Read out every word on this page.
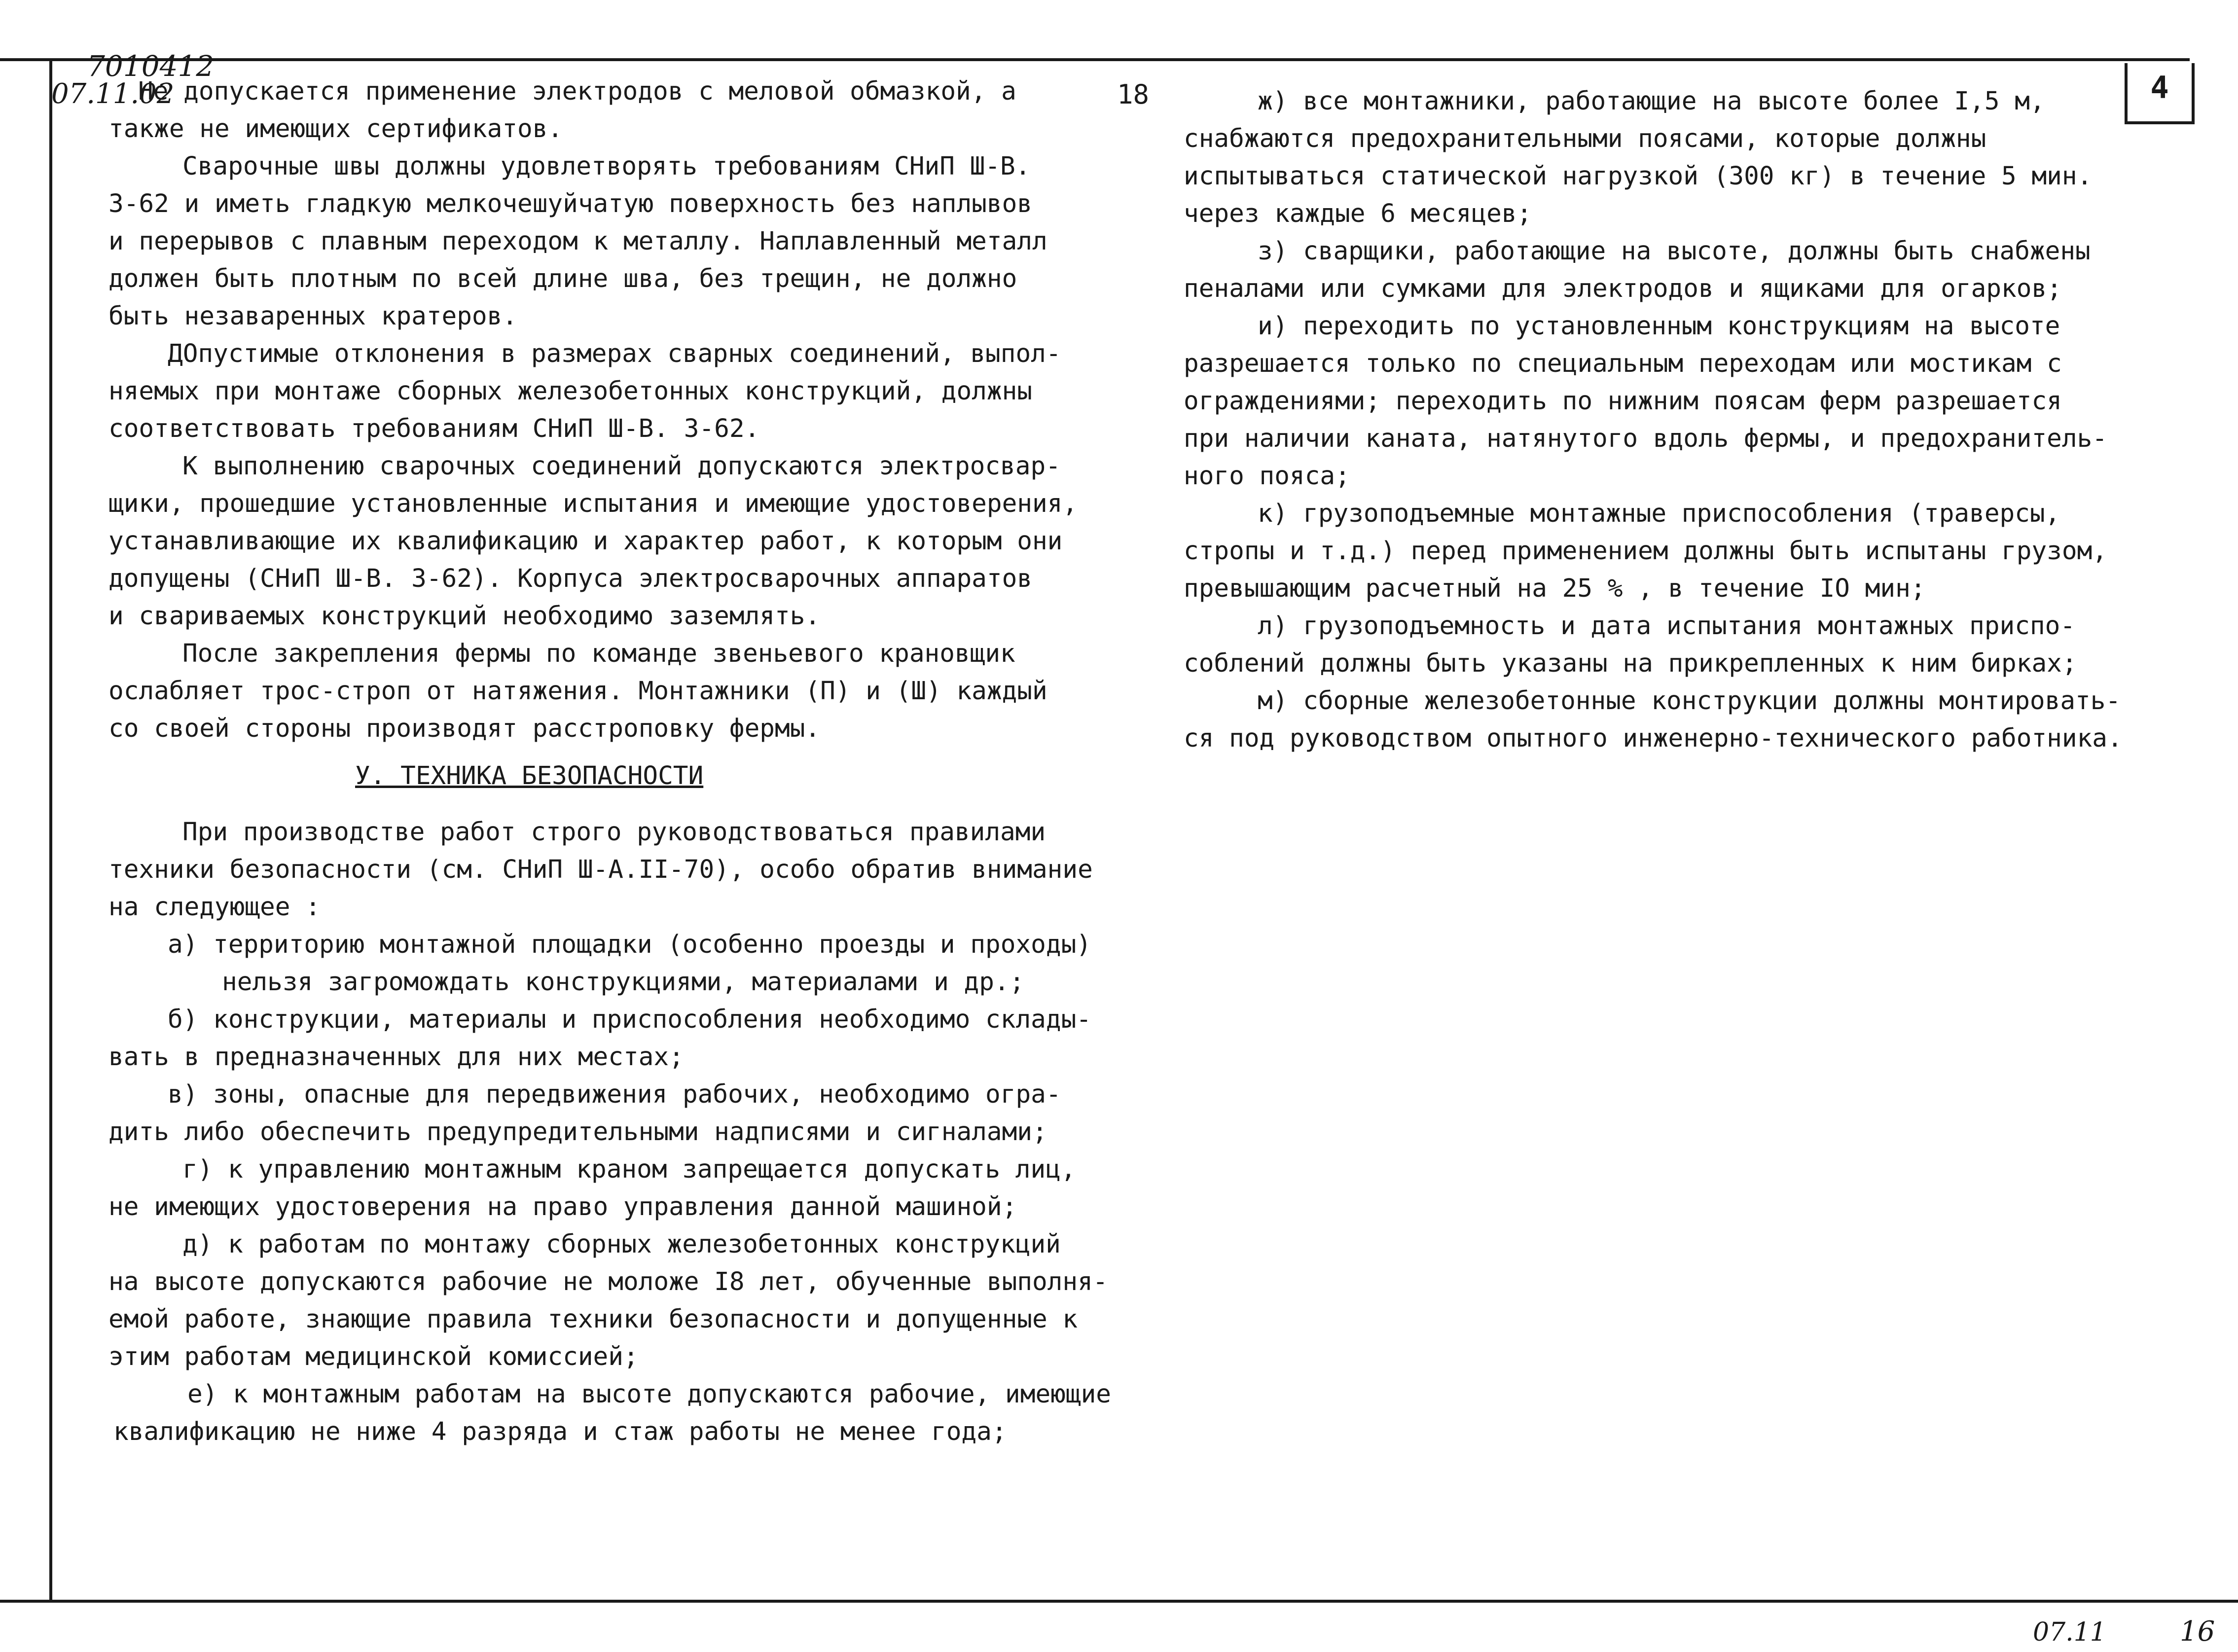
7010412
07.11.02	4
18

Не допускается применение электродов с меловой обмазкой, а

также не имеющих сертификатов.

Сварочные швы должны удовлетворять требованиям СНиП Ш-В.

3-62 и иметь гладкую мелкочешуйчатую поверхность без наплывов

и перерывов с плавным переходом к металлу. Наплавленный металл

должен быть плотным по всей длине шва, без трещин, не должно

быть незаваренных кратеров.

ДОпустимые отклонения в размерах сварных соединений, выпол-

няемых при монтаже сборных железобетонных конструкций, должны

соответствовать требованиям СНиП Ш-В. 3-62.

К выполнению сварочных соединений допускаются электросвар-

щики, прошедшие установленные испытания и имеющие удостоверения,

устанавливающие их квалификацию и характер работ, к которым они

допущены (СНиП Ш-В. 3-62). Корпуса электросварочных аппаратов

и свариваемых конструкций необходимо заземлять.

После закрепления фермы по команде звеньевого крановщик

ослабляет трос-строп от натяжения. Монтажники (П) и (Ш) каждый

со своей стороны производят расстроповку фермы.

У. ТЕХНИКА БЕЗОПАСНОСТИ

При производстве работ строго руководствоваться правилами

техники безопасности (см. СНиП Ш-А.II-70), особо обратив внимание

на следующее :

а) территорию монтажной площадки (особенно проезды и проходы)

нельзя загромождать конструкциями, материалами и др.;

б) конструкции, материалы и приспособления необходимо склады-

вать в предназначенных для них местах;

в) зоны, опасные для передвижения рабочих, необходимо огра-

дить либо обеспечить предупредительными надписями и сигналами;

г) к управлению монтажным краном запрещается допускать лиц,

не имеющих удостоверения на право управления данной машиной;

д) к работам по монтажу сборных железобетонных конструкций

на высоте допускаются рабочие не моложе I8 лет, обученные выполня-

емой работе, знающие правила техники безопасности и допущенные к

этим работам медицинской комиссией;

е) к монтажным работам на высоте допускаются рабочие, имеющие

квалификацию не ниже 4 разряда и стаж работы не менее года;

ж) все монтажники, работающие на высоте более I,5 м,

снабжаются предохранительными поясами, которые должны

испытываться статической нагрузкой (300 кг) в течение 5 мин.

через каждые 6 месяцев;

з) сварщики, работающие на высоте, должны быть снабжены

пеналами или сумками для электродов и ящиками для огарков;

и) переходить по установленным конструкциям на высоте

разрешается только по специальным переходам или мостикам с

ограждениями; переходить по нижним поясам ферм разрешается

при наличии каната, натянутого вдоль фермы, и предохранитель-

ного пояса;

к) грузоподъемные монтажные приспособления (траверсы,

стропы и т.д.) перед применением должны быть испытаны грузом,

превышающим расчетный на 25 % , в течение IO мин;

л) грузоподъемность и дата испытания монтажных приспо-

соблений должны быть указаны на прикрепленных к ним бирках;

м) сборные железобетонные конструкции должны монтировать-

ся под руководством опытного инженерно-технического работника.

07.11	16
